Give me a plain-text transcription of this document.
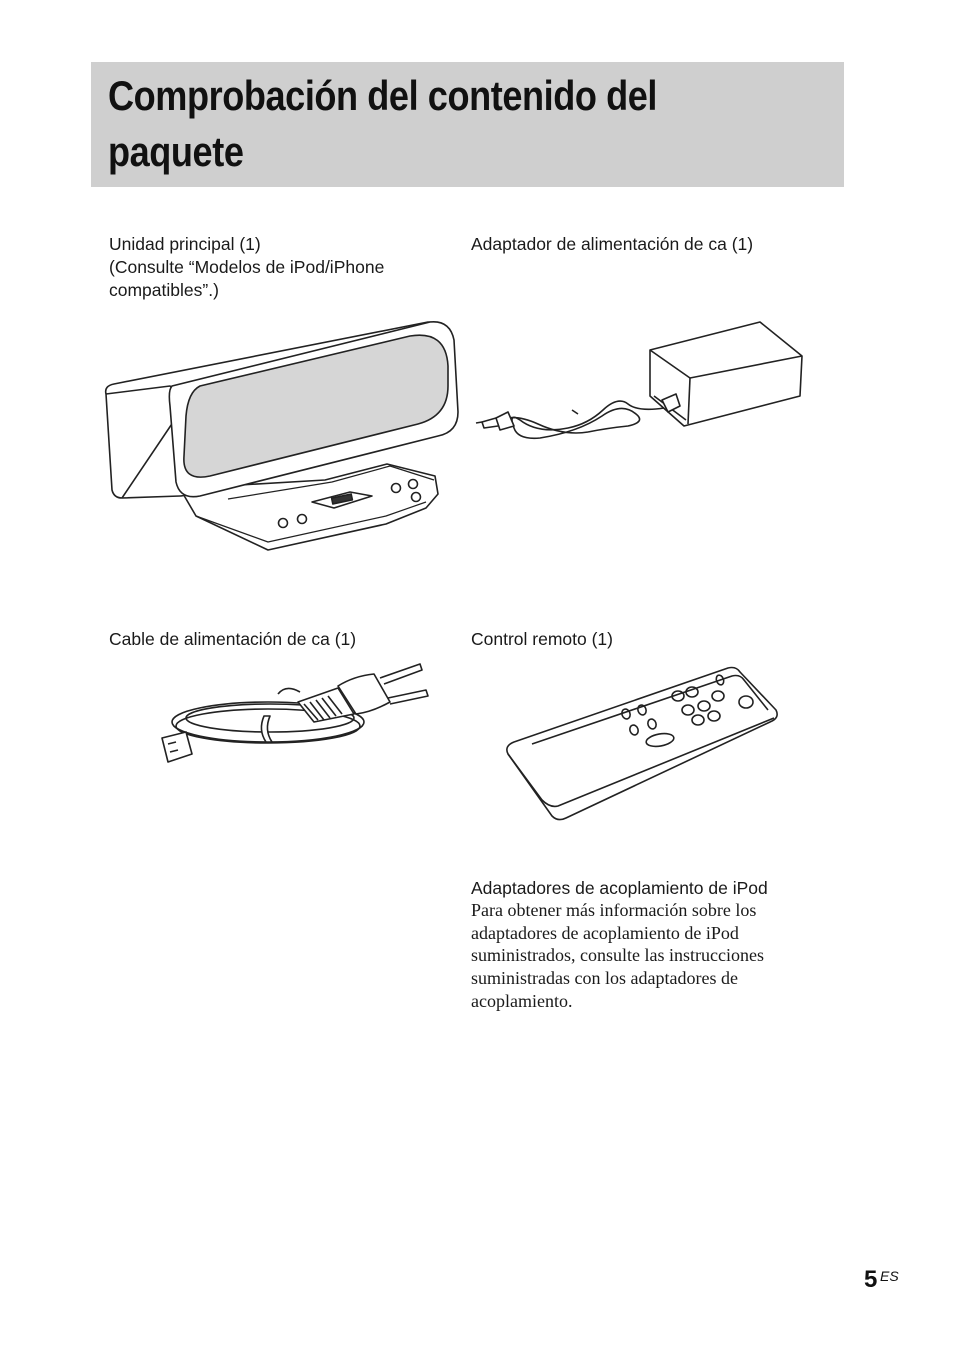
Comprobación del contenido del
paquete
Unidad principal (1)
(Consulte “Modelos de iPod/iPhone
compatibles”.)
Adaptador de alimentación de ca (1)
Cable de alimentación de ca (1)	Control remoto (1)
Adaptadores de acoplamiento de iPod
Para obtener más información sobre los
adaptadores de acoplamiento de iPod
suministrados, consulte las instrucciones
suministradas con los adaptadores de
acoplamiento.
5 ES
